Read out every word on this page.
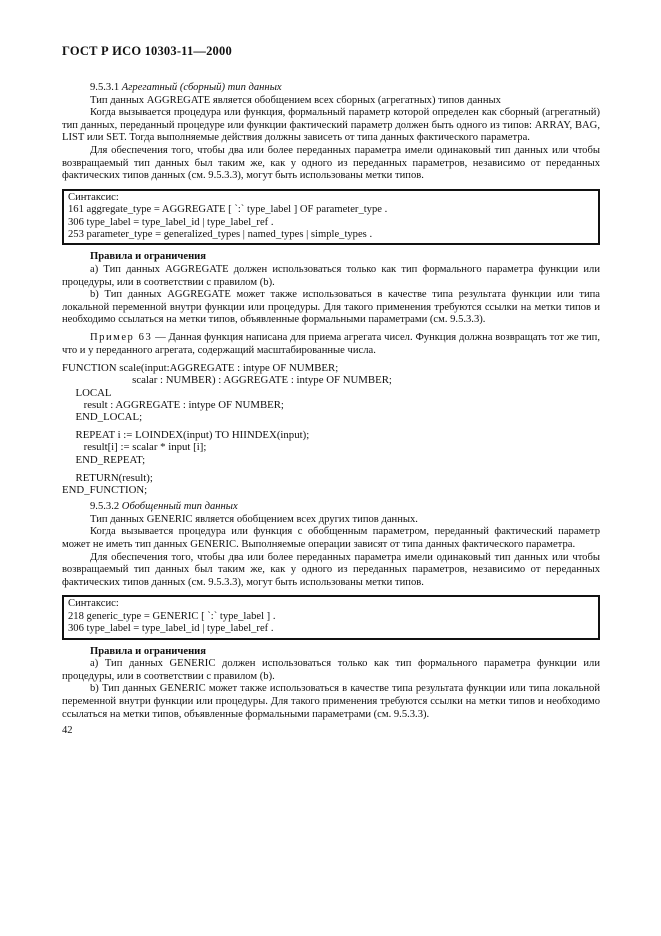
ГОСТ Р ИСО 10303-11—2000

9.5.3.1 Агрегатный (сборный) тип данных

Тип данных AGGREGATE является обобщением всех сборных (агрегатных) типов данных

Когда вызывается процедура или функция, формальный параметр которой определен как сборный (агрегатный) тип данных, переданный процедуре или функции фактический параметр должен быть одного из типов: ARRAY, BAG, LIST или SET. Тогда выполняемые действия должны зависеть от типа данных фактического параметра.

Для обеспечения того, чтобы два или более переданных параметра имели одинаковый тип данных или чтобы возвращаемый тип данных был таким же, как у одного из переданных параметров, независимо от переданных фактических типов данных (см. 9.5.3.3), могут быть использованы метки типов.

Синтаксис:
161 aggregate_type = AGGREGATE [ `:` type_label ] OF parameter_type .
306 type_label = type_label_id | type_label_ref .
253 parameter_type = generalized_types | named_types | simple_types .

Правила и ограничения

a) Тип данных AGGREGATE должен использоваться только как тип формального параметра функции или процедуры, или в соответствии с правилом (b).

b) Тип данных AGGREGATE может также использоваться в качестве типа результата функции или типа локальной переменной внутри функции или процедуры. Для такого применения требуются ссылки на метки типов и необходимо ссылаться на метки типов, объявленные формальными параметрами (см. 9.5.3.3).

Пример 63 — Данная функция написана для приема агрегата чисел. Функция должна возвращать тот же тип, что и у переданного агрегата, содержащий масштабированные числа.

FUNCTION scale(input:AGGREGATE : intype OF NUMBER;
scalar : NUMBER) : AGGREGATE : intype OF NUMBER;
LOCAL
result : AGGREGATE : intype OF NUMBER;
END_LOCAL;
REPEAT i := LOINDEX(input) TO HIINDEX(input);
result[i] := scalar * input [i];
END_REPEAT;
RETURN(result);
END_FUNCTION;

9.5.3.2 Обобщенный тип данных

Тип данных GENERIC является обобщением всех других типов данных.

Когда вызывается процедура или функция с обобщенным параметром, переданный фактический параметр может не иметь тип данных GENERIC. Выполняемые операции зависят от типа данных фактического параметра.

Для обеспечения того, чтобы два или более переданных параметра имели одинаковый тип данных или чтобы возвращаемый тип данных был таким же, как у одного из переданных параметров, независимо от переданных фактических типов данных (см. 9.5.3.3), могут быть использованы метки типов.

Синтаксис:
218 generic_type = GENERIC [ `:` type_label ] .
306 type_label = type_label_id | type_label_ref .

Правила и ограничения

a) Тип данных GENERIC должен использоваться только как тип формального параметра функции или процедуры, или в соответствии с правилом (b).

b) Тип данных GENERIC может также использоваться в качестве типа результата функции или типа локальной переменной внутри функции или процедуры. Для такого применения требуются ссылки на метки типов и необходимо ссылаться на метки типов, объявленные формальными параметрами (см. 9.5.3.3).

42
